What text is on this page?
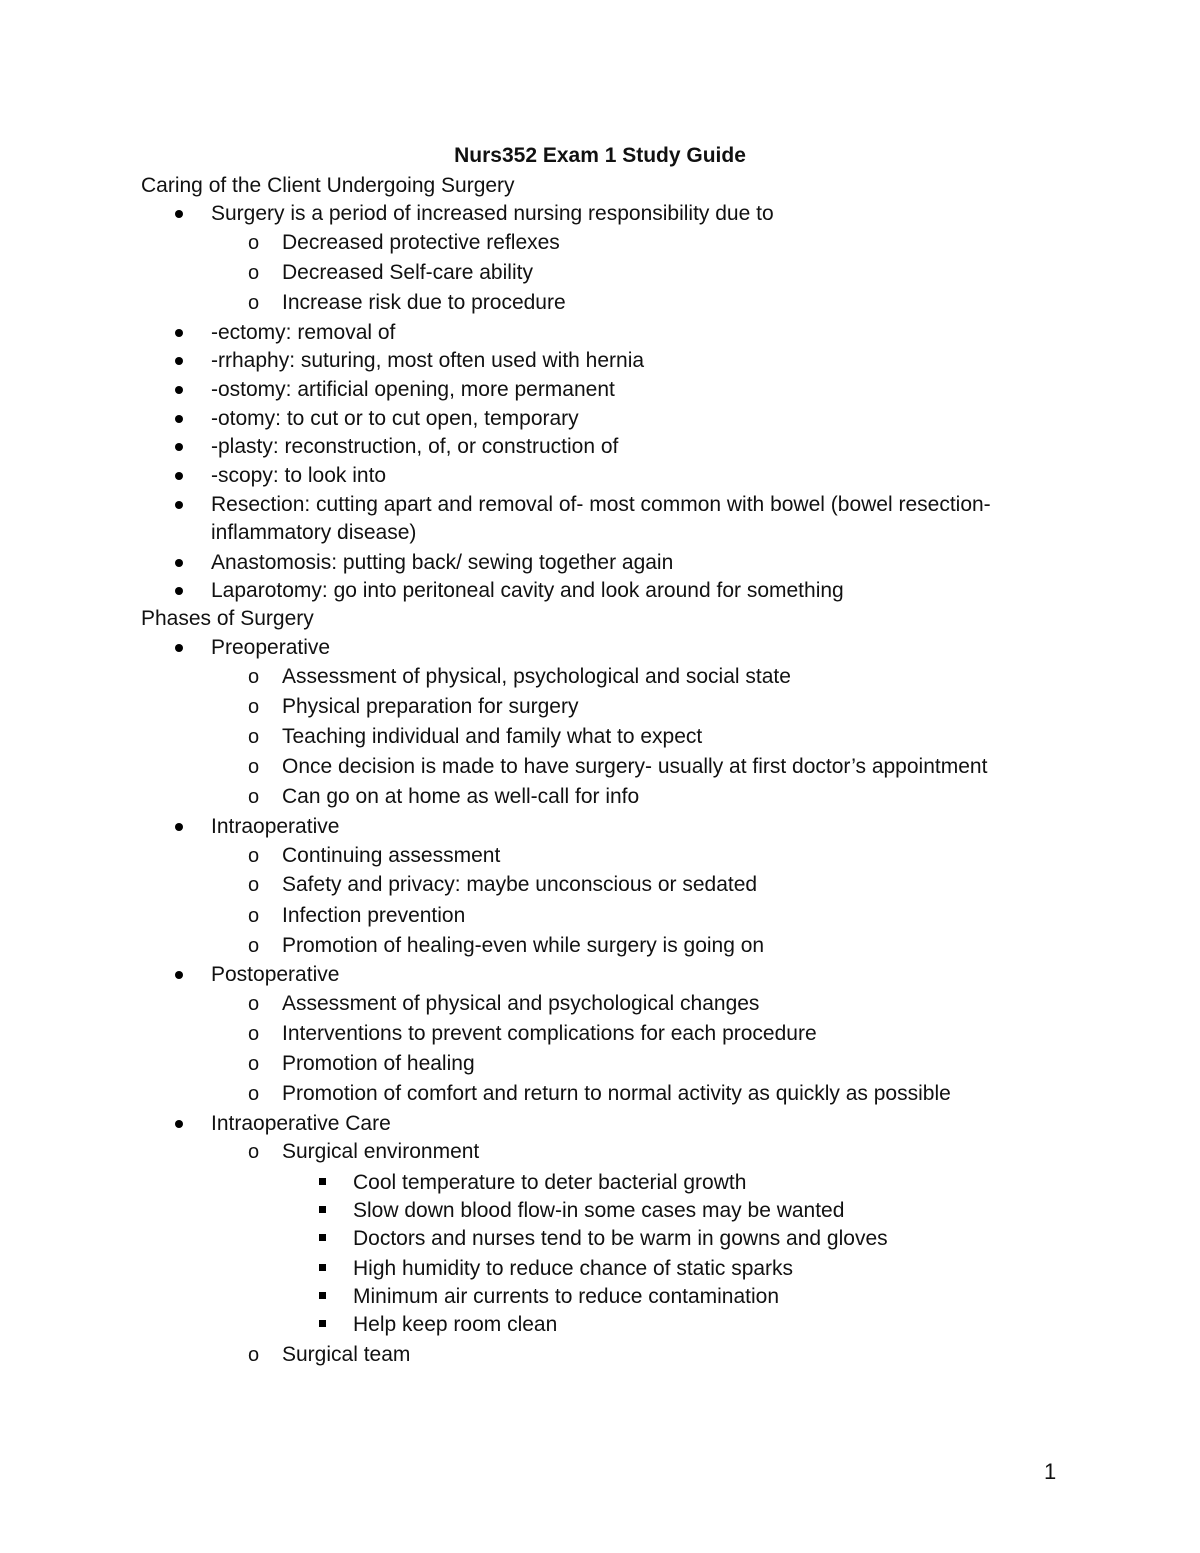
Nurs352 Exam 1 Study Guide
Caring of the Client Undergoing Surgery
Surgery is a period of increased nursing responsibility due to
o Decreased protective reflexes
o Decreased Self-care ability
o Increase risk due to procedure
-ectomy: removal of
-rrhaphy: suturing, most often used with hernia
-ostomy: artificial opening, more permanent
-otomy: to cut or to cut open, temporary
-plasty: reconstruction, of, or construction of
-scopy: to look into
Resection: cutting apart and removal of- most common with bowel (bowel resection-
inflammatory disease)
Anastomosis: putting back/ sewing together again
Laparotomy: go into peritoneal cavity and look around for something
Phases of Surgery
Preoperative
o Assessment of physical, psychological and social state
o Physical preparation for surgery
o Teaching individual and family what to expect
o Once decision is made to have surgery- usually at first doctor’s appointment
o Can go on at home as well-call for info
Intraoperative
o Continuing assessment
o Safety and privacy: maybe unconscious or sedated
o Infection prevention
o Promotion of healing-even while surgery is going on
Postoperative
o Assessment of physical and psychological changes
o Interventions to prevent complications for each procedure
o Promotion of healing
o Promotion of comfort and return to normal activity as quickly as possible
Intraoperative Care
o Surgical environment
Cool temperature to deter bacterial growth
Slow down blood flow-in some cases may be wanted
Doctors and nurses tend to be warm in gowns and gloves
High humidity to reduce chance of static sparks
Minimum air currents to reduce contamination
Help keep room clean
o Surgical team
1
